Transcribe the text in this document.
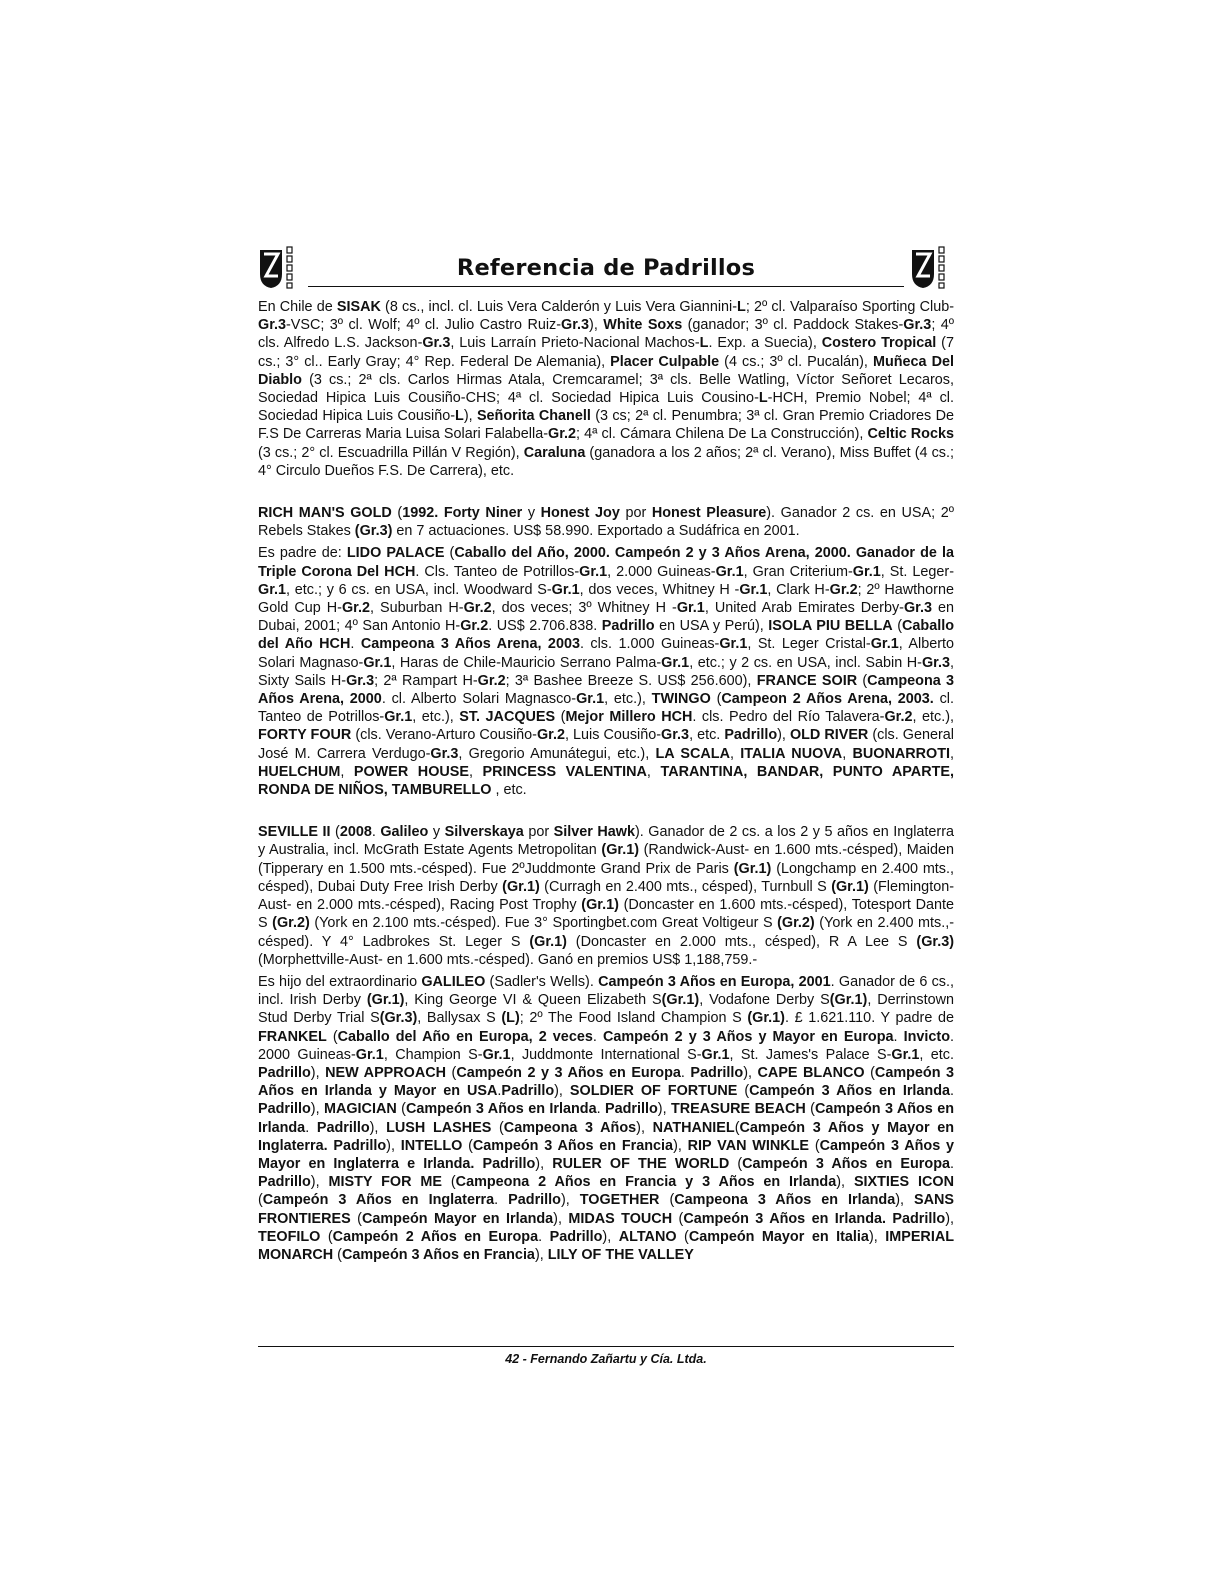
Referencia de Padrillos

En Chile de SISAK (8 cs., incl. cl. Luis Vera Calderón y Luis Vera Giannini-L; 2º cl. Valparaíso Sporting Club-Gr.3-VSC; 3º cl. Wolf; 4º cl. Julio Castro Ruiz-Gr.3), White Soxs (ganador; 3º cl. Paddock Stakes-Gr.3; 4º cls. Alfredo L.S. Jackson-Gr.3, Luis Larraín Prieto-Nacional Machos-L. Exp. a Suecia), Costero Tropical (7 cs.; 3° cl.. Early Gray; 4° Rep. Federal De Alemania), Placer Culpable (4 cs.; 3º cl. Pucalán), Muñeca Del Diablo (3 cs.; 2ª cls. Carlos Hirmas Atala, Cremcaramel; 3ª cls. Belle Watling, Víctor Señoret Lecaros, Sociedad Hipica Luis Cousiño-CHS; 4ª cl. Sociedad Hipica Luis Cousino-L-HCH, Premio Nobel; 4ª cl. Sociedad Hipica Luis Cousiño-L), Señorita Chanell (3 cs; 2ª cl. Penumbra; 3ª cl. Gran Premio Criadores De F.S De Carreras Maria Luisa Solari Falabella-Gr.2; 4ª cl. Cámara Chilena De La Construcción), Celtic Rocks (3 cs.; 2° cl. Escuadrilla Pillán V Región), Caraluna (ganadora a los 2 años; 2ª cl. Verano), Miss Buffet (4 cs.; 4° Circulo Dueños F.S. De Carrera), etc.

RICH MAN'S GOLD (1992. Forty Niner y Honest Joy por Honest Pleasure). Ganador 2 cs. en USA; 2º Rebels Stakes (Gr.3) en 7 actuaciones. US$ 58.990. Exportado a Sudáfrica en 2001.

Es padre de: LIDO PALACE (Caballo del Año, 2000. Campeón 2 y 3 Años Arena, 2000. Ganador de la Triple Corona Del HCH. Cls. Tanteo de Potrillos-Gr.1, 2.000 Guineas-Gr.1, Gran Criterium-Gr.1, St. Leger-Gr.1, etc.; y 6 cs. en USA, incl. Woodward S-Gr.1, dos veces, Whitney H -Gr.1, Clark H-Gr.2; 2º Hawthorne Gold Cup H-Gr.2, Suburban H-Gr.2, dos veces; 3º Whitney H -Gr.1, United Arab Emirates Derby-Gr.3 en Dubai, 2001; 4º San Antonio H-Gr.2. US$ 2.706.838. Padrillo en USA y Perú), ISOLA PIU BELLA (Caballo del Año HCH. Campeona 3 Años Arena, 2003. cls. 1.000 Guineas-Gr.1, St. Leger Cristal-Gr.1, Alberto Solari Magnaso-Gr.1, Haras de Chile-Mauricio Serrano Palma-Gr.1, etc.; y 2 cs. en USA, incl. Sabin H-Gr.3, Sixty Sails H-Gr.3; 2ª Rampart H-Gr.2; 3ª Bashee Breeze S. US$ 256.600), FRANCE SOIR (Campeona 3 Años Arena, 2000. cl. Alberto Solari Magnasco-Gr.1, etc.), TWINGO (Campeon 2 Años Arena, 2003. cl. Tanteo de Potrillos-Gr.1, etc.), ST. JACQUES (Mejor Millero HCH. cls. Pedro del Río Talavera-Gr.2, etc.), FORTY FOUR (cls. Verano-Arturo Cousiño-Gr.2, Luis Cousiño-Gr.3, etc. Padrillo), OLD RIVER (cls. General José M. Carrera Verdugo-Gr.3, Gregorio Amunátegui, etc.), LA SCALA, ITALIA NUOVA, BUONARROTI, HUELCHUM, POWER HOUSE, PRINCESS VALENTINA, TARANTINA, BANDAR, PUNTO APARTE, RONDA DE NIÑOS, TAMBURELLO , etc.

SEVILLE II (2008. Galileo y Silverskaya por Silver Hawk). Ganador de 2 cs. a los 2 y 5 años en Inglaterra y Australia, incl. McGrath Estate Agents Metropolitan (Gr.1) (Randwick-Aust- en 1.600 mts.-césped), Maiden (Tipperary en 1.500 mts.-césped). Fue 2ºJuddmonte Grand Prix de Paris (Gr.1) (Longchamp en 2.400 mts., césped), Dubai Duty Free Irish Derby (Gr.1) (Curragh en 2.400 mts., césped), Turnbull S (Gr.1) (Flemington-Aust- en 2.000 mts.-césped), Racing Post Trophy (Gr.1) (Doncaster en 1.600 mts.-césped), Totesport Dante S (Gr.2) (York en 2.100 mts.-césped). Fue 3° Sportingbet.com Great Voltigeur S (Gr.2) (York en 2.400 mts.,-césped). Y 4° Ladbrokes St. Leger S (Gr.1) (Doncaster en 2.000 mts., césped), R A Lee S (Gr.3) (Morphettville-Aust- en 1.600 mts.-césped). Ganó en premios US$ 1,188,759.-

Es hijo del extraordinario GALILEO (Sadler's Wells). Campeón 3 Años en Europa, 2001. Ganador de 6 cs., incl. Irish Derby (Gr.1), King George VI & Queen Elizabeth S(Gr.1), Vodafone Derby S(Gr.1), Derrinstown Stud Derby Trial S(Gr.3), Ballysax S (L); 2º The Food Island Champion S (Gr.1). £ 1.621.110. Y padre de FRANKEL (Caballo del Año en Europa, 2 veces. Campeón 2 y 3 Años y Mayor en Europa. Invicto. 2000 Guineas-Gr.1, Champion S-Gr.1, Juddmonte International S-Gr.1, St. James's Palace S-Gr.1, etc. Padrillo), NEW APPROACH (Campeón 2 y 3 Años en Europa. Padrillo), CAPE BLANCO (Campeón 3 Años en Irlanda y Mayor en USA.Padrillo), SOLDIER OF FORTUNE (Campeón 3 Años en Irlanda. Padrillo), MAGICIAN (Campeón 3 Años en Irlanda. Padrillo), TREASURE BEACH (Campeón 3 Años en Irlanda. Padrillo), LUSH LASHES (Campeona 3 Años), NATHANIEL(Campeón 3 Años y Mayor en Inglaterra. Padrillo), INTELLO (Campeón 3 Años en Francia), RIP VAN WINKLE (Campeón 3 Años y Mayor en Inglaterra e Irlanda. Padrillo), RULER OF THE WORLD (Campeón 3 Años en Europa. Padrillo), MISTY FOR ME (Campeona 2 Años en Francia y 3 Años en Irlanda), SIXTIES ICON (Campeón 3 Años en Inglaterra. Padrillo), TOGETHER (Campeona 3 Años en Irlanda), SANS FRONTIERES (Campeón Mayor en Irlanda), MIDAS TOUCH (Campeón 3 Años en Irlanda. Padrillo), TEOFILO (Campeón 2 Años en Europa. Padrillo), ALTANO (Campeón Mayor en Italia), IMPERIAL MONARCH (Campeón 3 Años en Francia), LILY OF THE VALLEY

42 - Fernando Zañartu y Cía. Ltda.
